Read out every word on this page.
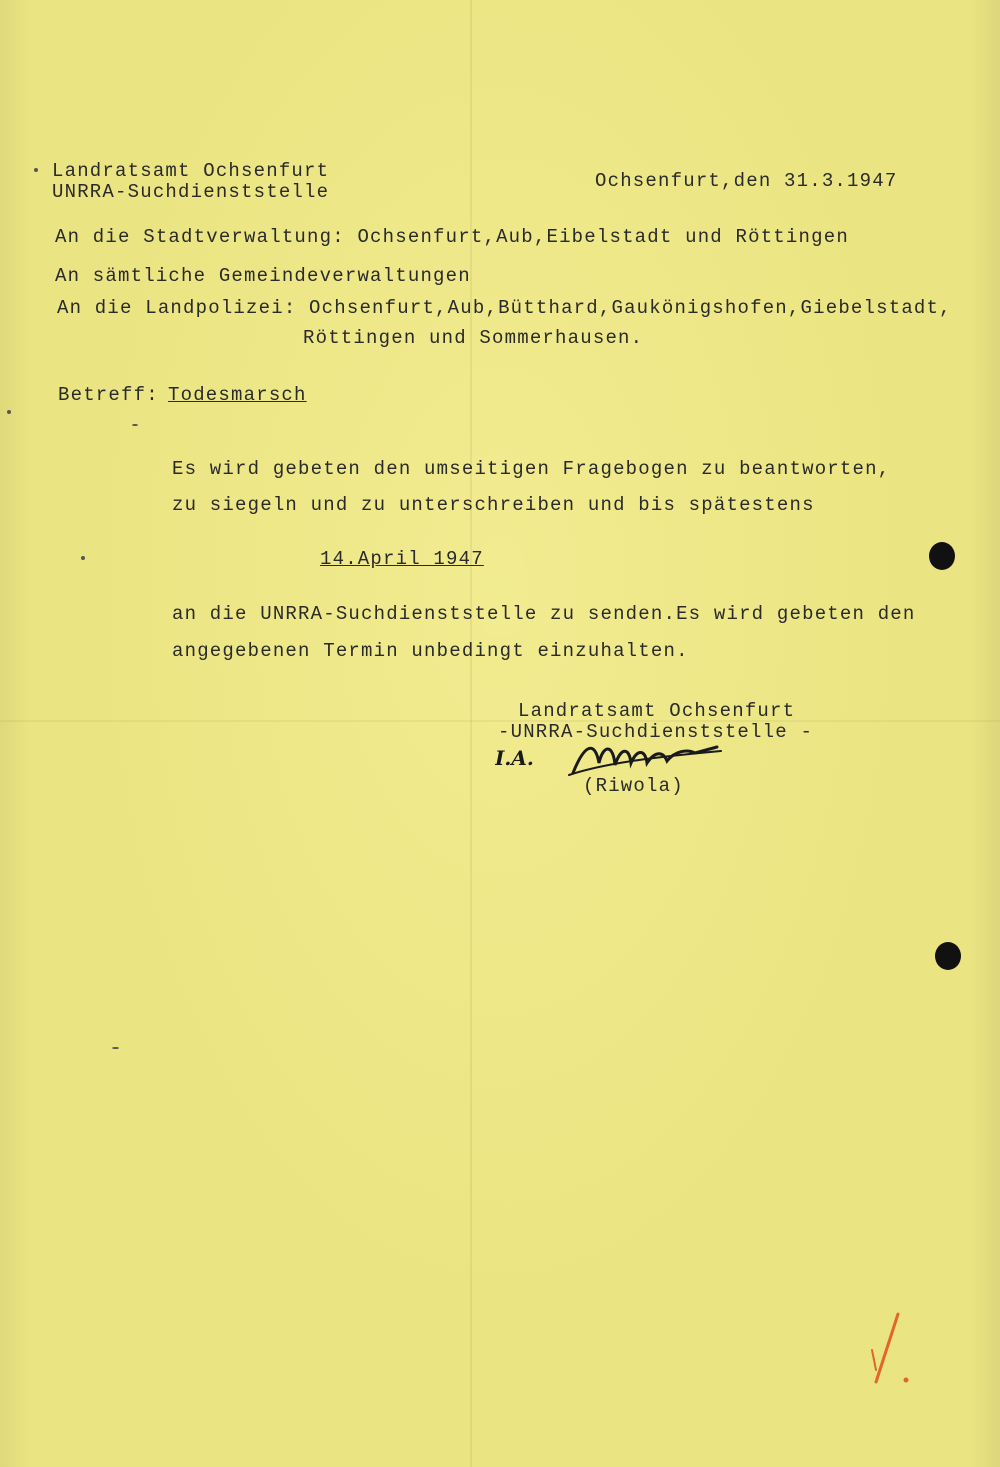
Landratsamt Ochsenfurt
UNRRA-Suchdienststelle	Ochsenfurt,den 31.3.1947
An die Stadtverwaltung: Ochsenfurt,Aub,Eibelstadt und Röttingen
An sämtliche Gemeindeverwaltungen
An die Landpolizei: Ochsenfurt,Aub,Bütthard,Gaukönigshofen,Giebelstadt,
Röttingen und Sommerhausen.
Betreff: Todesmarsch
Es wird gebeten den umseitigen Fragebogen zu beantworten,
zu siegeln und zu unterschreiben und bis spätestens
14.April 1947
an die UNRRA-Suchdienststelle zu senden.Es wird gebeten den
angegebenen Termin unbedingt einzuhalten.
Landratsamt Ochsenfurt
-UNRRA-Suchdienststelle -
I.A.
(Riwola)
